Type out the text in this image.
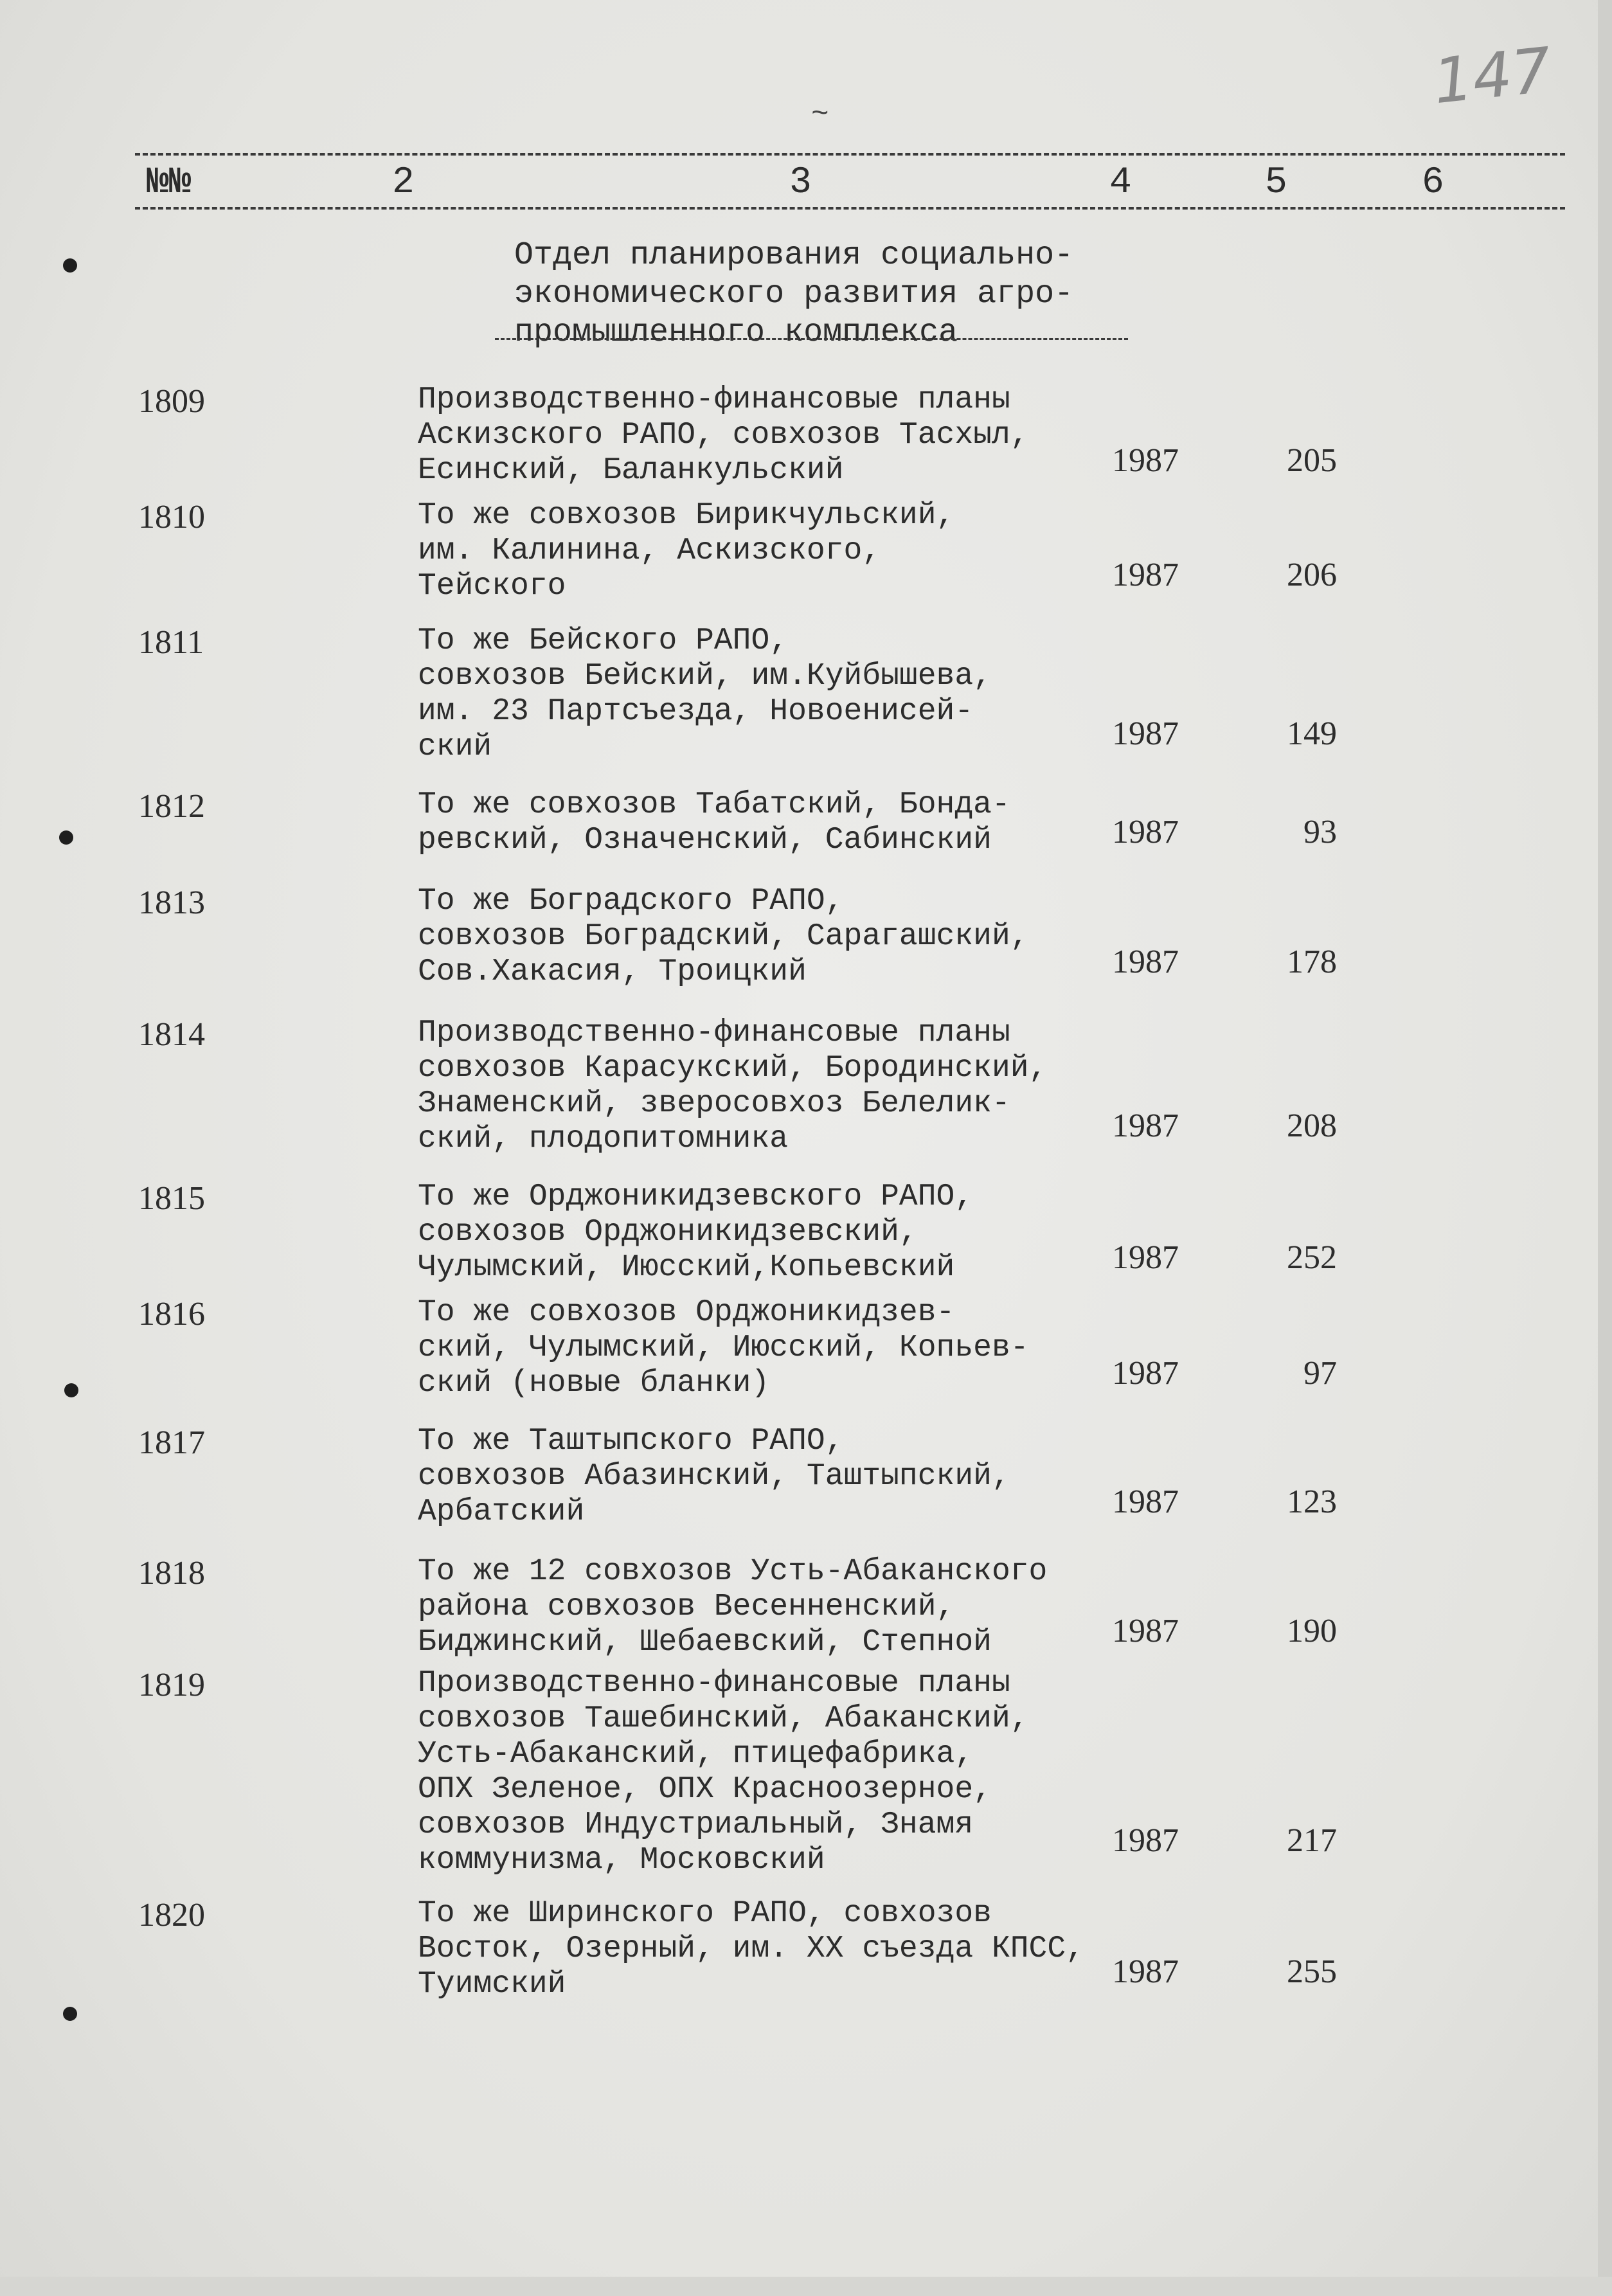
147
~
№№	2	3	4	5	6
Отдел планирования социально-
экономического развития агро-
промышленного комплекса
1809	Производственно-финансовые планы
Аскизского РАПО, совхозов Тасхыл,
Есинский, Баланкульский	1987	205
1810	То же совхозов Бирикчульский,
им. Калинина, Аскизского,
Тейского	1987	206
1811	То же Бейского РАПО,
совхозов Бейский, им.Куйбышева,
им. 23 Партсъезда, Новоенисей-
ский	1987	149
1812	То же совхозов Табатский, Бонда-
ревский, Означенский, Сабинский	1987	93
1813	То же Боградского РАПО,
совхозов Боградский, Сарагашский,
Сов.Хакасия, Троицкий	1987	178
1814	Производственно-финансовые планы
совхозов Карасукский, Бородинский,
Знаменский, зверосовхоз Белелик-
ский, плодопитомника	1987	208
1815	То же Орджоникидзевского РАПО,
совхозов Орджоникидзевский,
Чулымский, Июсский,Копьевский	1987	252
1816	То же совхозов Орджоникидзев-
ский, Чулымский, Июсский, Копьев-
ский (новые бланки)	1987	97
1817	То же Таштыпского РАПО,
совхозов Абазинский, Таштыпский,
Арбатский	1987	123
1818	То же 12 совхозов Усть-Абаканского
района совхозов Весенненский,
Биджинский, Шебаевский, Степной	1987	190
1819	Производственно-финансовые планы
совхозов Ташебинский, Абаканский,
Усть-Абаканский, птицефабрика,
ОПХ Зеленое, ОПХ Красноозерное,
совхозов Индустриальный, Знамя
коммунизма, Московский
1987	217
1820	То же Ширинского РАПО, совхозов
Восток, Озерный, им. XX съезда КПСС,
Туимский	1987	255
